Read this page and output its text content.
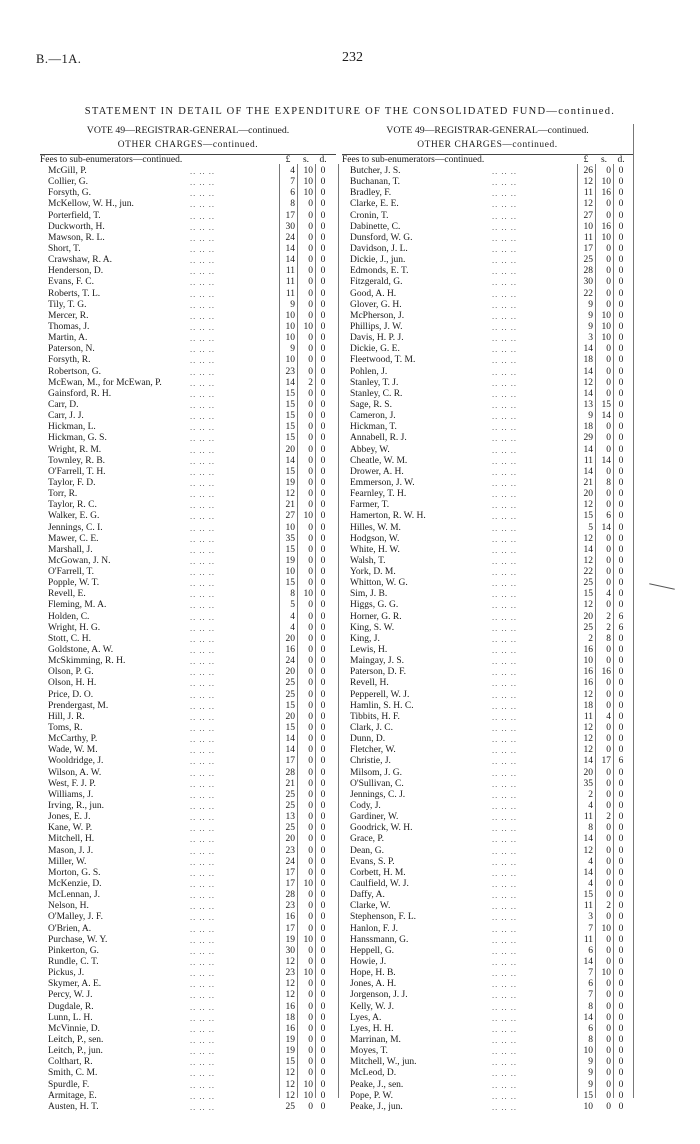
B.—1A.	232
STATEMENT IN DETAIL OF THE EXPENDITURE OF THE CONSOLIDATED FUND—continued.
VOTE 49—REGISTRAR-GENERAL—continued.
OTHER CHARGES—continued.
Fees to sub-enumerators—continued.	£	s.	d.
McGill, P.	.. .. ..	4 10 0
Collier, G.	.. .. ..	7 10 0
Forsyth, G.	.. .. ..	6 10 0
McKellow, W. H., jun.	.. .. ..	8	0 0
Porterfield, T.	.. .. ..	17	0 0
Duckworth, H.	.. .. ..	30	0 0
Mawson, R. L.	.. .. ..	24	0 0
Short, T.	.. .. ..	14	0 0
Crawshaw, R. A.	.. .. ..	14	0 0
Henderson, D.	.. .. ..	11	0 0
Evans, F. C.	.. .. ..	11	0 0
Roberts, T. L.	.. .. ..	11	0 0
Tily, T. G.	.. .. ..	9	0 0
Mercer, R.	.. .. ..	10	0 0
Thomas, J.	.. .. ..	10 10 0
Martin, A.	.. .. ..	10	0 0
Paterson, N.	.. .. ..	9	0 0
Forsyth, R.	.. .. ..	10	0 0
Robertson, G.	.. .. ..	23	0 0
McEwan, M., for McEwan, P.	.. .. ..	14	2 0
Gainsford, R. H.	.. .. ..	15	0 0
Carr, D.	.. .. ..	15	0 0
Carr, J. J.	.. .. ..	15	0 0
Hickman, L.	.. .. ..	15	0 0
Hickman, G. S.	.. .. ..	15	0 0
Wright, R. M.	.. .. ..	20	0 0
Townley, R. B.	.. .. ..	14	0 0
O'Farrell, T. H.	.. .. ..	15	0 0
Taylor, F. D.	.. .. ..	19	0 0
Torr, R.	.. .. ..	12	0 0
Taylor, R. C.	.. .. ..	21	0 0
Walker, E. G.	.. .. ..	27 10 0
Jennings, C. I.	.. .. ..	10	0 0
Mawer, C. E.	.. .. ..	35	0 0
Marshall, J.	.. .. ..	15	0 0
McGowan, J. N.	.. .. ..	19	0 0
O'Farrell, T.	.. .. ..	10	0 0
Popple, W. T.	.. .. ..	15	0 0
Revell, E.	.. .. ..	8 10 0
Fleming, M. A.	.. .. ..	5	0 0
Holden, C.	.. .. ..	4	0 0
Wright, H. G.	.. .. ..	4	0 0
Stott, C. H.	.. .. ..	20	0 0
Goldstone, A. W.	.. .. ..	16	0 0
McSkimming, R. H.	.. .. ..	24	0 0
Olson, P. G.	.. .. ..	20	0 0
Olson, H. H.	.. .. ..	25	0 0
Price, D. O.	.. .. ..	25	0 0
Prendergast, M.	.. .. ..	15	0 0
Hill, J. R.	.. .. ..	20	0 0
Toms, R.	.. .. ..	15	0 0
McCarthy, P.	.. .. ..	14	0 0
Wade, W. M.	.. .. ..	14	0 0
Wooldridge, J.	.. .. ..	17	0 0
Wilson, A. W.	.. .. ..	28	0 0
West, F. J. P.	.. .. ..	21	0 0
Williams, J.	.. .. ..	25	0 0
Irving, R., jun.	.. .. ..	25	0 0
Jones, E. J.	.. .. ..	13	0 0
Kane, W. P.	.. .. ..	25	0 0
Mitchell, H.	.. .. ..	20	0 0
Mason, J. J.	.. .. ..	23	0 0
Miller, W.	.. .. ..	24	0 0
Morton, G. S.	.. .. ..	17	0 0
McKenzie, D.	.. .. ..	17 10 0
McLennan, J.	.. .. ..	28	0 0
Nelson, H.	.. .. ..	23	0 0
O'Malley, J. F.	.. .. ..	16	0 0
O'Brien, A.	.. .. ..	17	0 0
Purchase, W. Y.	.. .. ..	19 10 0
Pinkerton, G.	.. .. ..	30	0 0
Rundle, C. T.	.. .. ..	12	0 0
Pickus, J.	.. .. ..	23 10 0
Skymer, A. E.	.. .. ..	12	0 0
Percy, W. J.	.. .. ..	12	0 0
Dugdale, R.	.. .. ..	16	0 0
Lunn, L. H.	.. .. ..	18	0 0
McVinnie, D.	.. .. ..	16	0 0
Leitch, P., sen.	.. .. ..	19	0 0
Leitch, P., jun.	.. .. ..	19	0 0
Colthart, R.	.. .. ..	15	0 0
Smith, C. M.	.. .. ..	12	0 0
Spurdle, F.	.. .. ..	12 10 0
Armitage, E.	.. .. ..	12 10 0
Austen, H. T.	.. .. ..	25	0 0
VOTE 49—REGISTRAR-GENERAL—continued.
OTHER CHARGES—continued.
Fees to sub-enumerators—continued.	£	s.	d.
Butcher, J. S.	.. .. ..	26	0 0
Buchanan, T.	.. .. ..	12 10 0
Bradley, F.	.. .. ..	11 16 0
Clarke, E. E.	.. .. ..	12	0 0
Cronin, T.	.. .. ..	27	0 0
Dabinette, C.	.. .. ..	10 16 0
Dunsford, W. G.	.. .. ..	11 10 0
Davidson, J. L.	.. .. ..	17	0 0
Dickie, J., jun.	.. .. ..	25	0 0
Edmonds, E. T.	.. .. ..	28	0 0
Fitzgerald, G.	.. .. ..	30	0 0
Good, A. H.	.. .. ..	22	0 0
Glover, G. H.	.. .. ..	9	0 0
McPherson, J.	.. .. ..	9 10 0
Phillips, J. W.	.. .. ..	9 10 0
Davis, H. P. J.	.. .. ..	3 10 0
Dickie, G. E.	.. .. ..	14	0 0
Fleetwood, T. M.	.. .. ..	18	0 0
Pohlen, J.	.. .. ..	14	0 0
Stanley, T. J.	.. .. ..	12	0 0
Stanley, C. R.	.. .. ..	14	0 0
Sage, R. S.	.. .. ..	13 15 0
Cameron, J.	.. .. ..	9 14 0
Hickman, T.	.. .. ..	18	0 0
Annabell, R. J.	.. .. ..	29	0 0
Abbey, W.	.. .. ..	14	0 0
Cheatle, W. M.	.. .. ..	11 14 0
Drower, A. H.	.. .. ..	14	0 0
Emmerson, J. W.	.. .. ..	21	8 0
Fearnley, T. H.	.. .. ..	20	0 0
Farmer, T.	.. .. ..	12	0 0
Hamerton, R. W. H.	.. .. ..	15	6 0
Hilles, W. M.	.. .. ..	5 14 0
Hodgson, W.	.. .. ..	12	0 0
White, H. W.	.. .. ..	14	0 0
Walsh, T.	.. .. ..	12	0 0
York, D. M.	.. .. ..	22	0 0
Whitton, W. G.	.. .. ..	25	0 0
Sim, J. B.	.. .. ..	15	4 0
Higgs, G. G.	.. .. ..	12	0 0
Horner, G. R.	.. .. ..	20	2 6
King, S. W.	.. .. ..	25	2 6
King, J.	.. .. ..	2	8 0
Lewis, H.	.. .. ..	16	0 0
Maingay, J. S.	.. .. ..	10	0 0
Paterson, D. F.	.. .. ..	16 16 0
Revell, H.	.. .. ..	16	0 0
Pepperell, W. J.	.. .. ..	12	0 0
Hamlin, S. H. C.	.. .. ..	18	0 0
Tibbits, H. F.	.. .. ..	11	4 0
Clark, J. C.	.. .. ..	12	0 0
Dunn, D.	.. .. ..	12	0 0
Fletcher, W.	.. .. ..	12	0 0
Christie, J.	.. .. ..	14 17 6
Milsom, J. G.	.. .. ..	20	0 0
O'Sullivan, C.	.. .. ..	35	0 0
Jennings, C. J.	.. .. ..	2	0 0
Cody, J.	.. .. ..	4	0 0
Gardiner, W.	.. .. ..	11	2 0
Goodrick, W. H.	.. .. ..	8	0 0
Grace, P.	.. .. ..	14	0 0
Dean, G.	.. .. ..	12	0 0
Evans, S. P.	.. .. ..	4	0 0
Corbett, H. M.	.. .. ..	14	0 0
Caulfield, W. J.	.. .. ..	4	0 0
Daffy, A.	.. .. ..	15	0 0
Clarke, W.	.. .. ..	11	2 0
Stephenson, F. L.	.. .. ..	3	0 0
Hanlon, F. J.	.. .. ..	7 10 0
Hanssmann, G.	.. .. ..	11	0 0
Heppell, G.	.. .. ..	6	0 0
Howie, J.	.. .. ..	14	0 0
Hope, H. B.	.. .. ..	7 10 0
Jones, A. H.	.. .. ..	6	0 0
Jorgenson, J. J.	.. .. ..	7	0 0
Kelly, W. J.	.. .. ..	8	0 0
Lyes, A.	.. .. ..	14	0 0
Lyes, H. H.	.. .. ..	6	0 0
Marrinan, M.	.. .. ..	8	0 0
Moyes, T.	.. .. ..	10	0 0
Mitchell, W., jun.	.. .. ..	9	0 0
McLeod, D.	.. .. ..	9	0 0
Peake, J., sen.	.. .. ..	9	0 0
Pope, P. W.	.. .. ..	15	0 0
Peake, J., jun.	.. .. ..	10	0 0
